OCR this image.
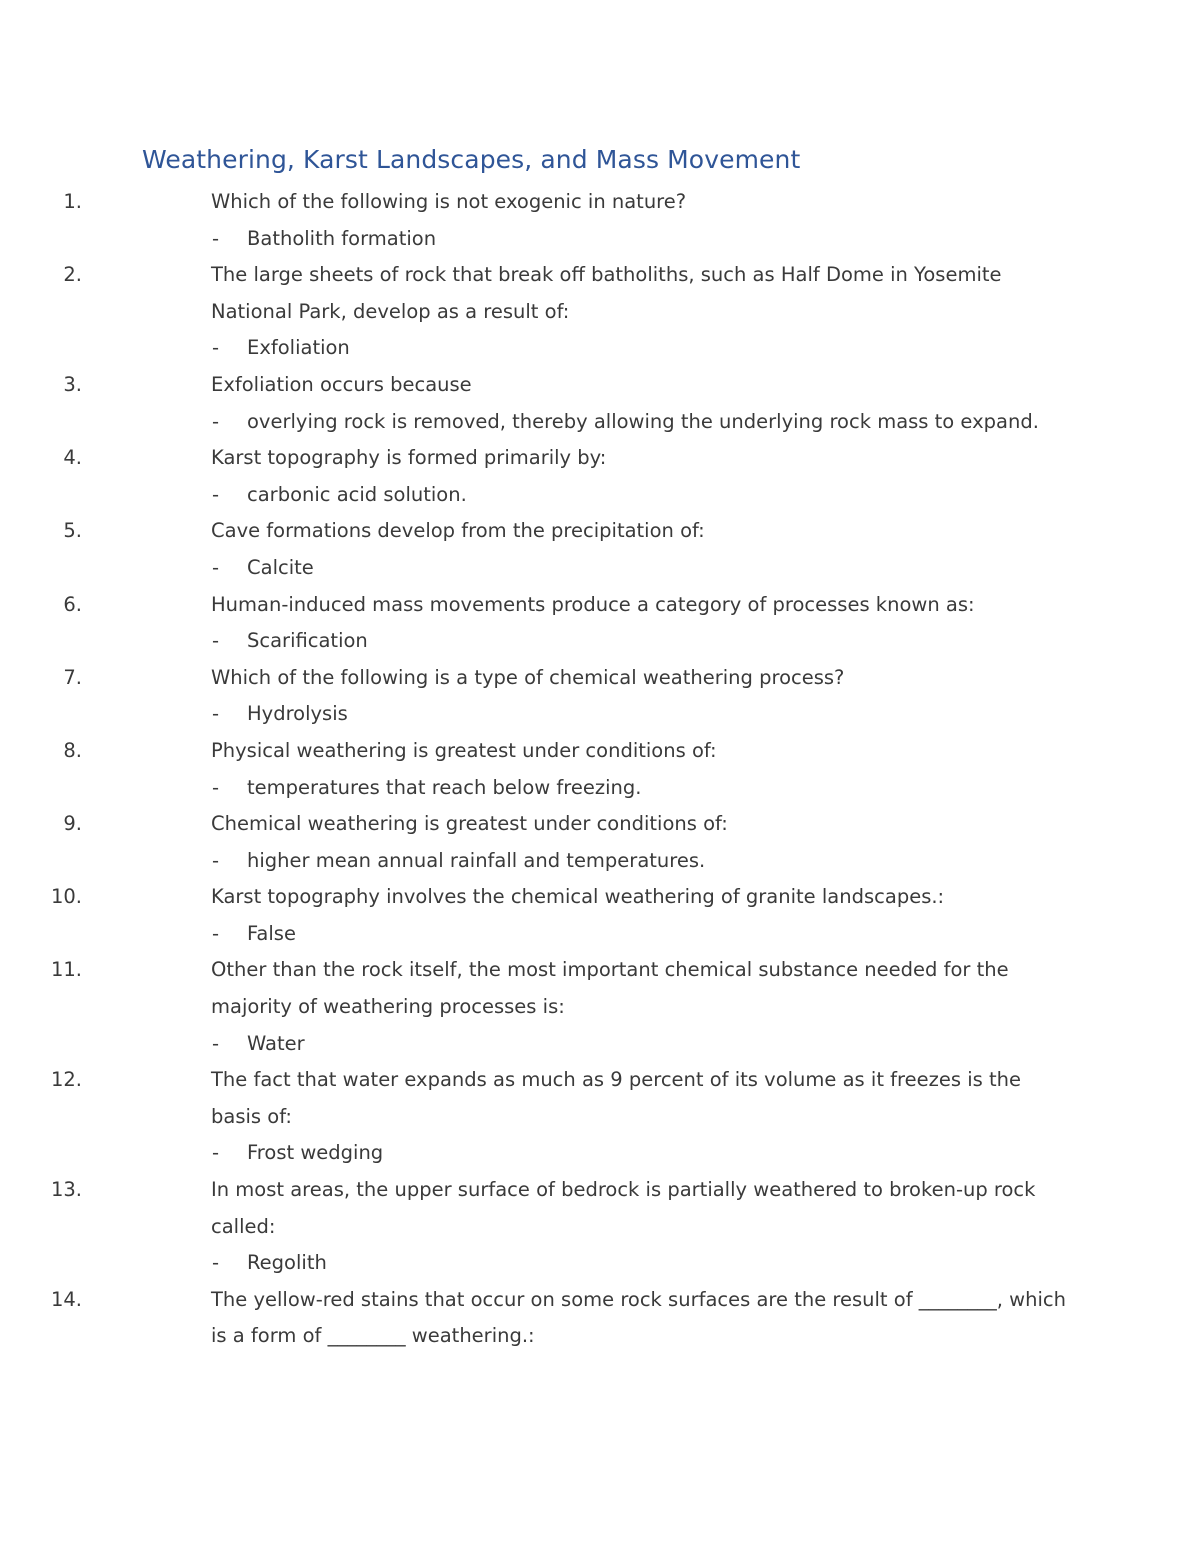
Weathering, Karst Landscapes, and Mass Movement
1.	Which of the following is not exogenic in nature?
- Batholith formation
2.	The large sheets of rock that break off batholiths, such as Half Dome in Yosemite National Park, develop as a result of:
- Exfoliation
3.	Exfoliation occurs because
- overlying rock is removed, thereby allowing the underlying rock mass to expand.
4.	Karst topography is formed primarily by:
- carbonic acid solution.
5.	Cave formations develop from the precipitation of:
- Calcite
6.	Human-induced mass movements produce a category of processes known as:
- Scarification
7.	Which of the following is a type of chemical weathering process?
- Hydrolysis
8.	Physical weathering is greatest under conditions of:
- temperatures that reach below freezing.
9.	Chemical weathering is greatest under conditions of:
- higher mean annual rainfall and temperatures.
10.	Karst topography involves the chemical weathering of granite landscapes.:
- False
11.	Other than the rock itself, the most important chemical substance needed for the majority of weathering processes is:
- Water
12.	The fact that water expands as much as 9 percent of its volume as it freezes is the basis of:
- Frost wedging
13.	In most areas, the upper surface of bedrock is partially weathered to broken-up rock called:
- Regolith
14.	The yellow-red stains that occur on some rock surfaces are the result of ________, which is a form of ________ weathering.:
